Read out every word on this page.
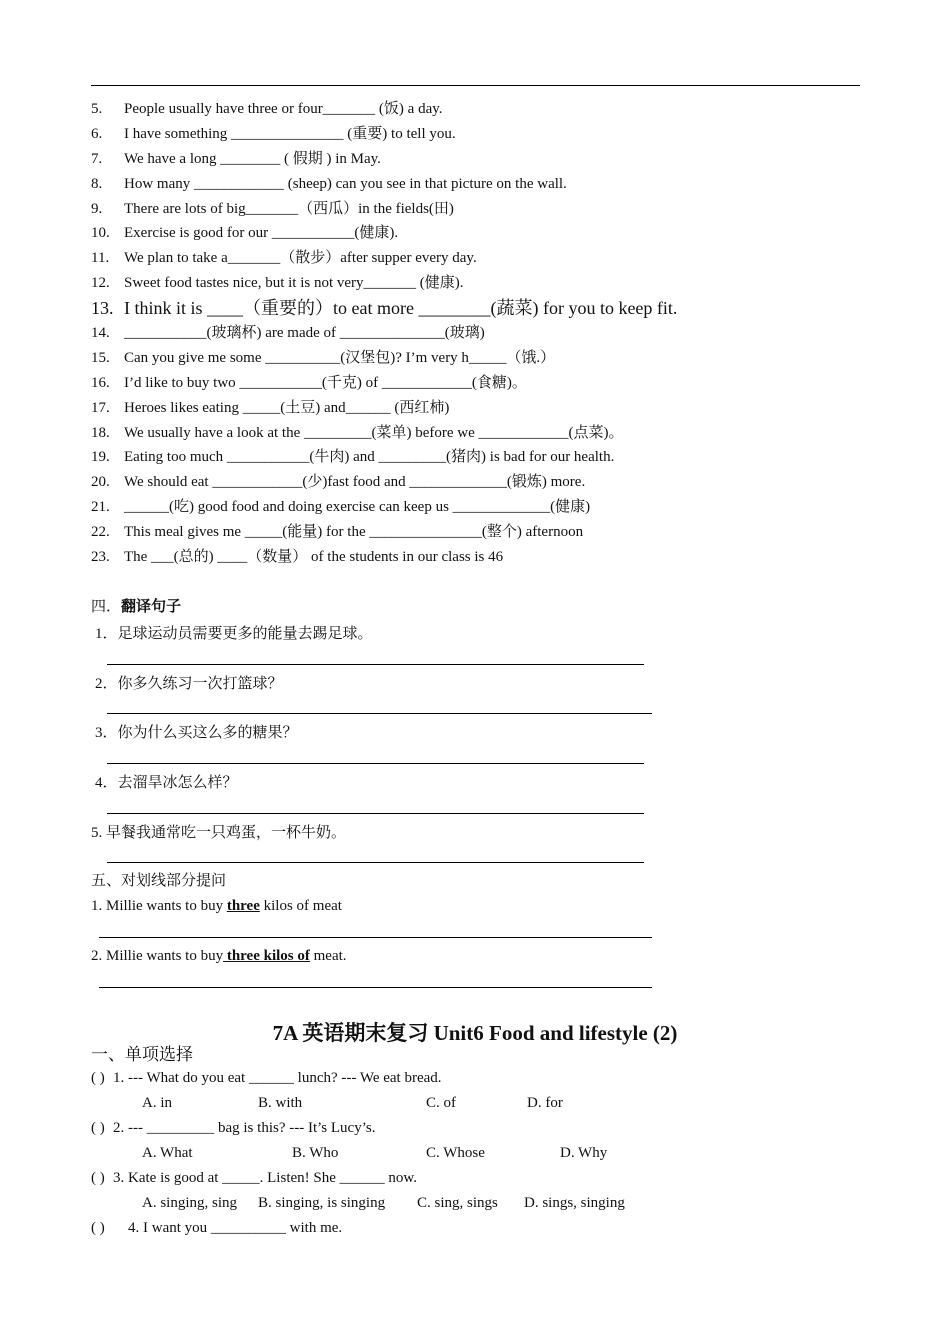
5.	People usually have three or four_______ (饭) a day.
6.	I have something _______________ (重要) to tell you.
7.	We have a long ________ ( 假期 ) in May.
8.	How many ____________ (sheep) can you see in that picture on the wall.
9.	There are lots of big_______（西瓜）in the fields(田)
10. Exercise is good for our ___________(健康).
11. We plan to take a_______（散步）after supper every day.
12. Sweet food tastes nice, but it is not very_______ (健康).
13. I think it is ____（重要的）to eat more ________(蔬菜) for you to keep fit.
14. ___________(玻璃杯) are made of ______________(玻璃)
15. Can you give me some __________(汉堡包)? I’m very h_____（饿.）
16. I’d like to buy two ___________(千克) of ____________(食糖)。
17. Heroes likes eating _____(土豆) and______ (西红柿)
18. We usually have a look at the _________(菜单) before we ____________(点菜)。
19. Eating too much ___________(牛肉) and _________(猪肉) is bad for our health.
20. We should eat ____________(少)fast food and _____________(锻炼) more.
21. ______(吃) good food and doing exercise can keep us _____________(健康)
22. This meal gives me _____(能量) for the _______________(整个) afternoon
23. The ___(总的) ____（数量） of the students in our class is 46
四．翻译句子
1．足球运动员需要更多的能量去踢足球。
2．你多久练习一次打篮球？
3．你为什么买这么多的糖果？
4．去溜旱冰怎么样？
5. 早餐我通常吃一只鸡蛋，一杯牛奶。
五、对划线部分提问
1. Millie wants to buy three kilos of meat
2. Millie wants to buy three kilos of meat.
7A 英语期末复习 Unit6 Food and lifestyle (2)
一、单项选择
( ) 1. --- What do you eat ______ lunch? --- We eat bread.
A. in	B. with	C. of	D. for
( ) 2. --- _________ bag is this? --- It’s Lucy’s.
A. What	B. Who	C. Whose	D. Why
( ) 3. Kate is good at _____. Listen! She ______ now.
A. singing, sing B. singing, is singing C. sing, sings D. sings, singing
( ) 4. I want you __________ with me.
